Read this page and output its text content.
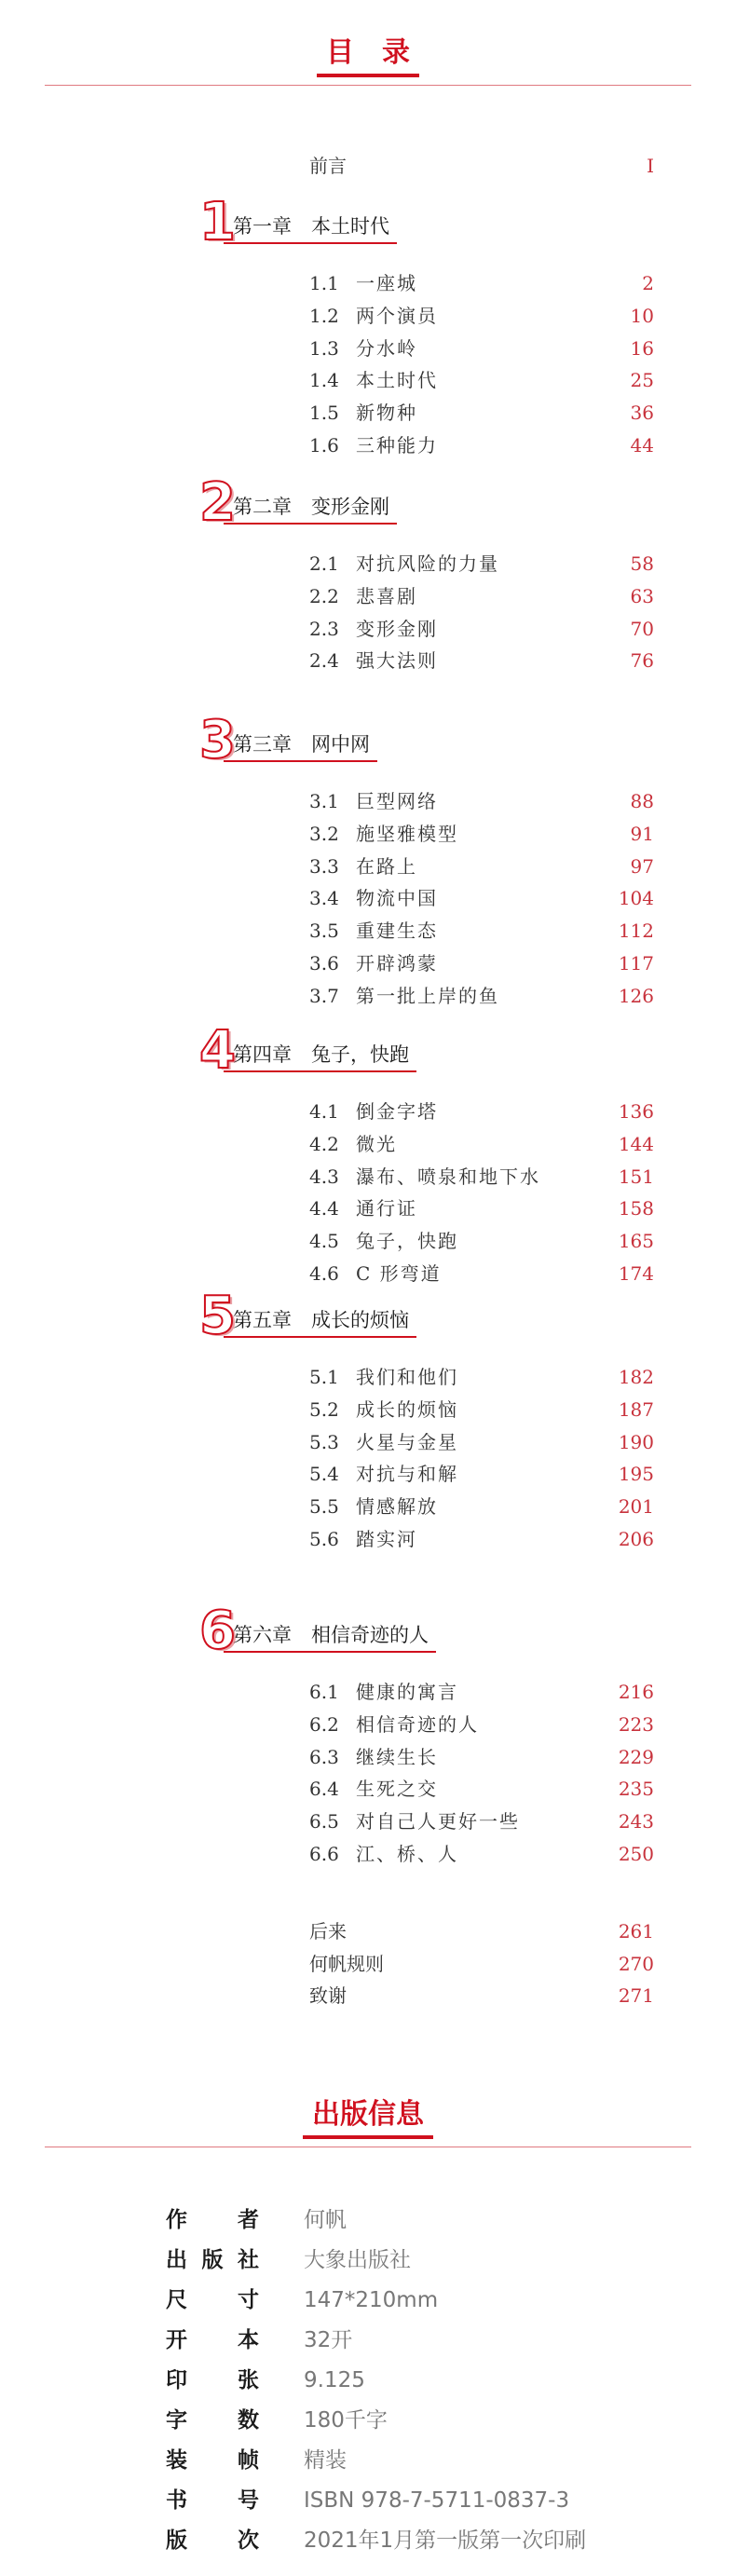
目　录
前言	I
1
第一章　本土时代
1.1 一座城	2
1.2 两个演员	10
1.3 分水岭	16
1.4 本土时代	25
1.5 新物种	36
1.6 三种能力	44
2
第二章　变形金刚
2.1 对抗风险的力量	58
2.2 悲喜剧	63
2.3 变形金刚	70
2.4 强大法则	76
3
第三章　网中网
3.1 巨型网络	88
3.2 施坚雅模型	91
3.3 在路上	97
3.4 物流中国	104
3.5 重建生态	112
3.6 开辟鸿蒙	117
3.7 第一批上岸的鱼	126
4
第四章　兔子，快跑
4.1 倒金字塔	136
4.2 微光	144
4.3 瀑布、喷泉和地下水	151
4.4 通行证	158
4.5 兔子，快跑	165
4.6 C 形弯道	174
5
第五章　成长的烦恼
5.1 我们和他们	182
5.2 成长的烦恼	187
5.3 火星与金星	190
5.4 对抗与和解	195
5.5 情感解放	201
5.6 踏实河	206
6
第六章　相信奇迹的人
6.1 健康的寓言	216
6.2 相信奇迹的人	223
6.3 继续生长	229
6.4 生死之交	235
6.5 对自己人更好一些	243
6.6 江、桥、人	250
后来	261
何帆规则	270
致谢	271
出版信息
作 者 何帆
出 版 社 大象出版社
尺 寸 147*210mm
开 本 32开
印 张 9.125
字 数 180千字
装 帧 精装
书 号 ISBN 978-7-5711-0837-3
版 次 2021年1月第一版第一次印刷
